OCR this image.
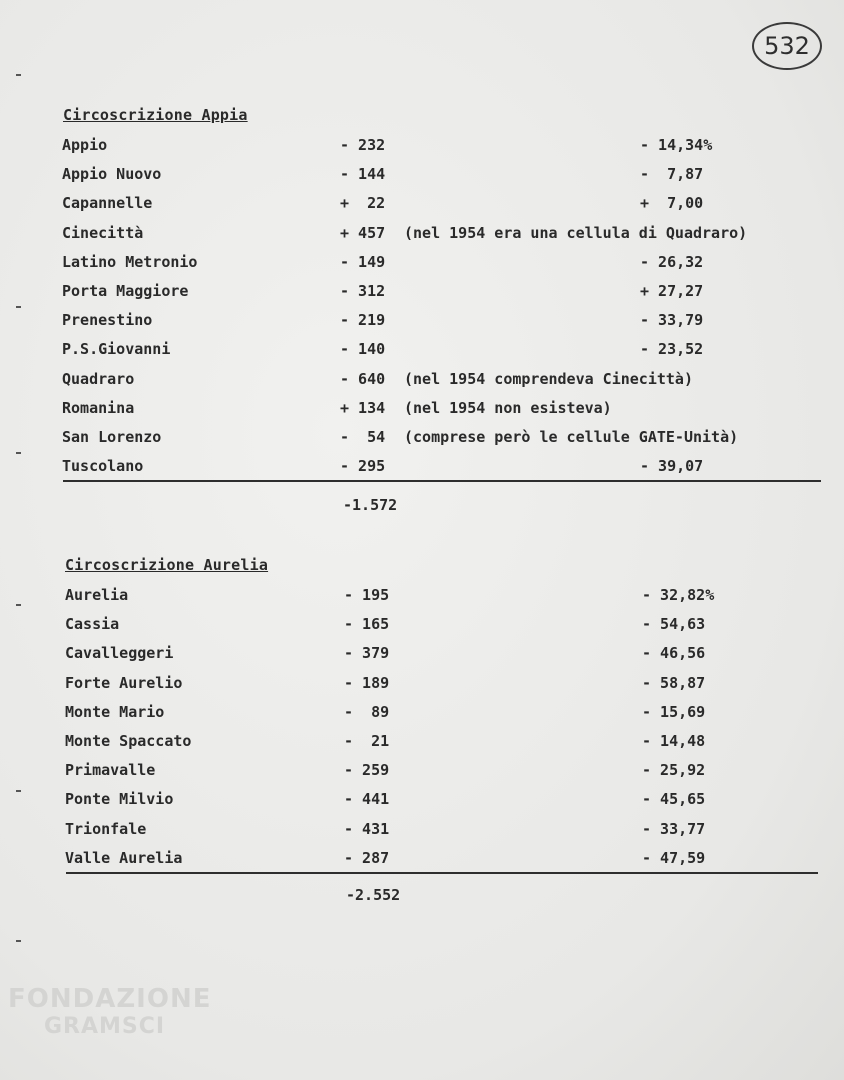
532
Circoscrizione Appia
Appio	- 232	- 14,34%
Appio Nuovo	- 144	-  7,87
Capannelle	+  22	+  7,00
Cinecittà	+ 457 (nel 1954 era una cellula di Quadraro)
Latino Metronio	- 149	- 26,32
Porta Maggiore	- 312	+ 27,27
Prenestino	- 219	- 33,79
P.S.Giovanni	- 140	- 23,52
Quadraro	- 640 (nel 1954 comprendeva Cinecittà)
Romanina	+ 134 (nel 1954 non esisteva)
San Lorenzo	-  54 (comprese però le cellule GATE-Unità)
Tuscolano	- 295	- 39,07
-1.572
Circoscrizione Aurelia
Aurelia	- 195	- 32,82%
Cassia	- 165	- 54,63
Cavalleggeri	- 379	- 46,56
Forte Aurelio	- 189	- 58,87
Monte Mario	-  89	- 15,69
Monte Spaccato	-  21	- 14,48
Primavalle	- 259	- 25,92
Ponte Milvio	- 441	- 45,65
Trionfale	- 431	- 33,77
Valle Aurelia	- 287	- 47,59
-2.552
FONDAZIONE
GRAMSCI
